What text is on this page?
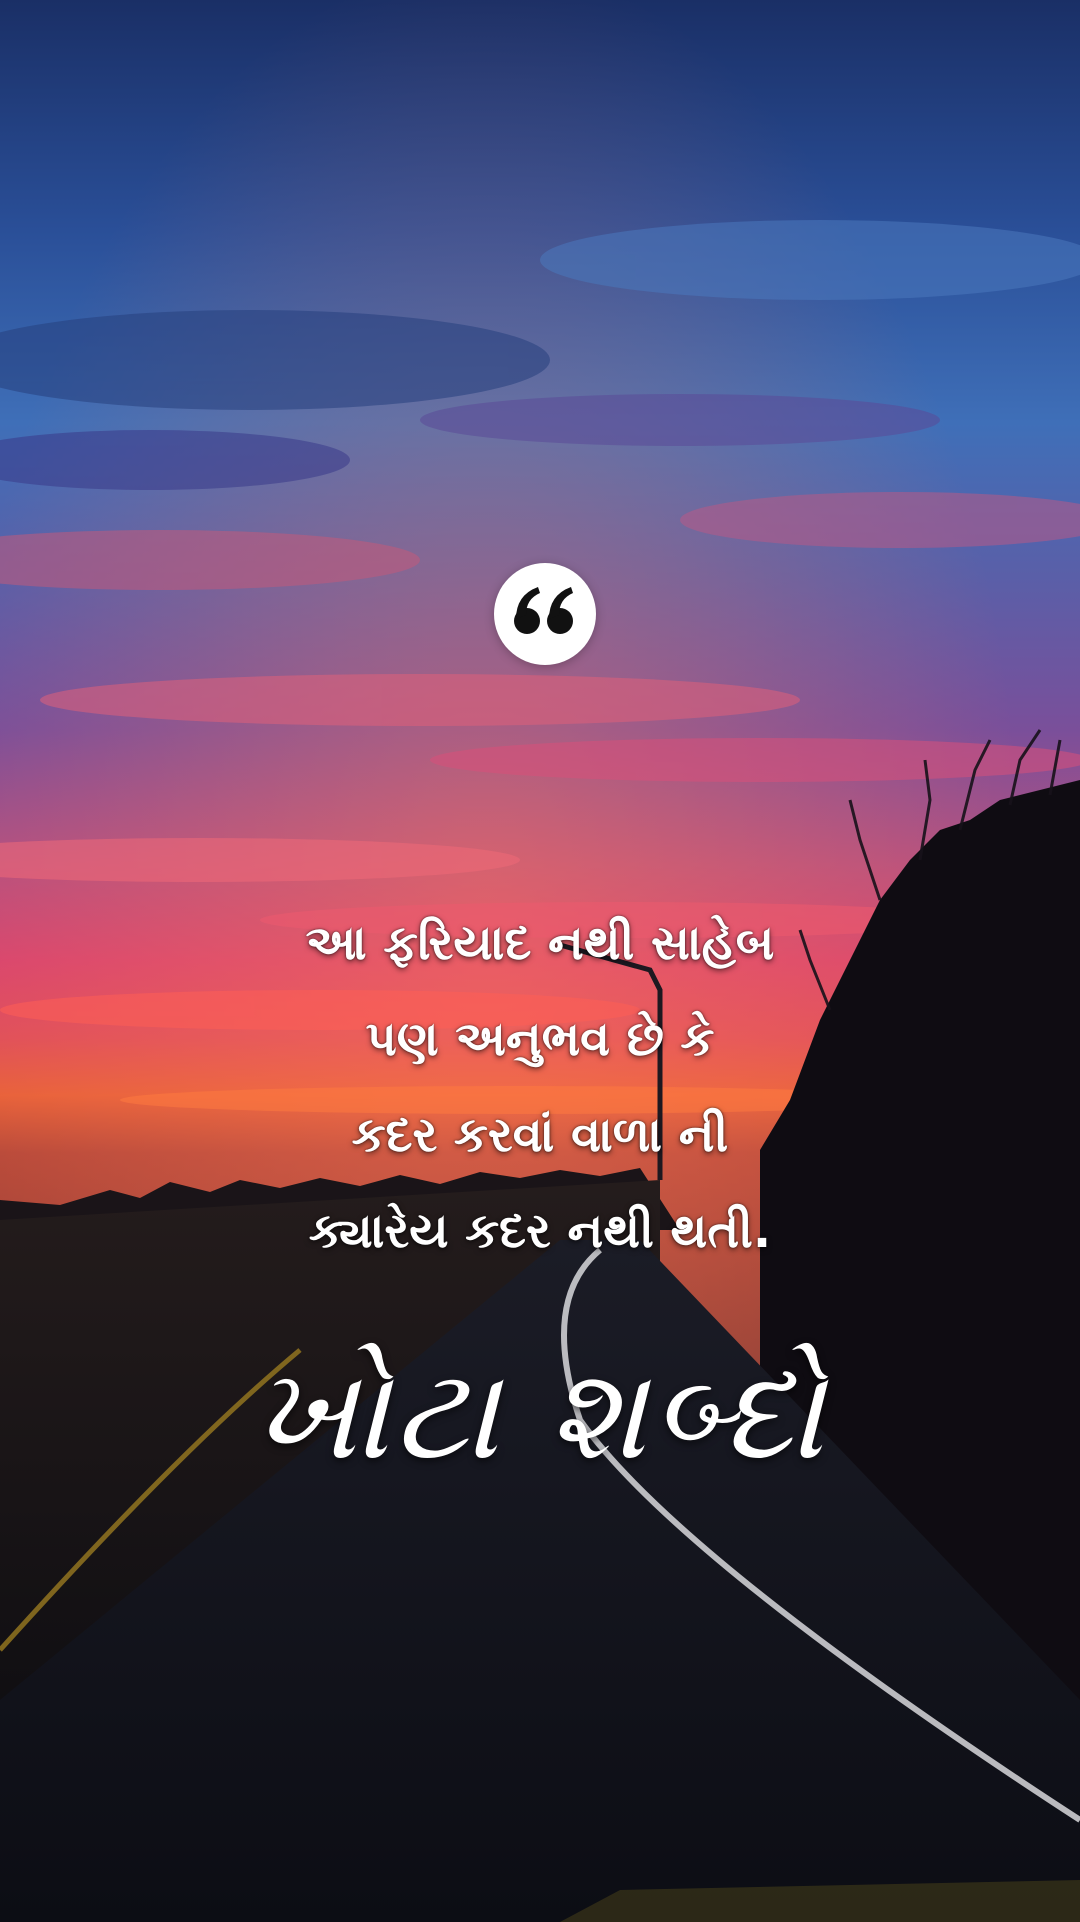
આ ફરિયાદ નથી સાહેબ
પણ અનુભવ છે કે
કદર કરવાં વાળા ની
ક્યારેય કદર નથી થતી.
ખોટા શબ્દો
